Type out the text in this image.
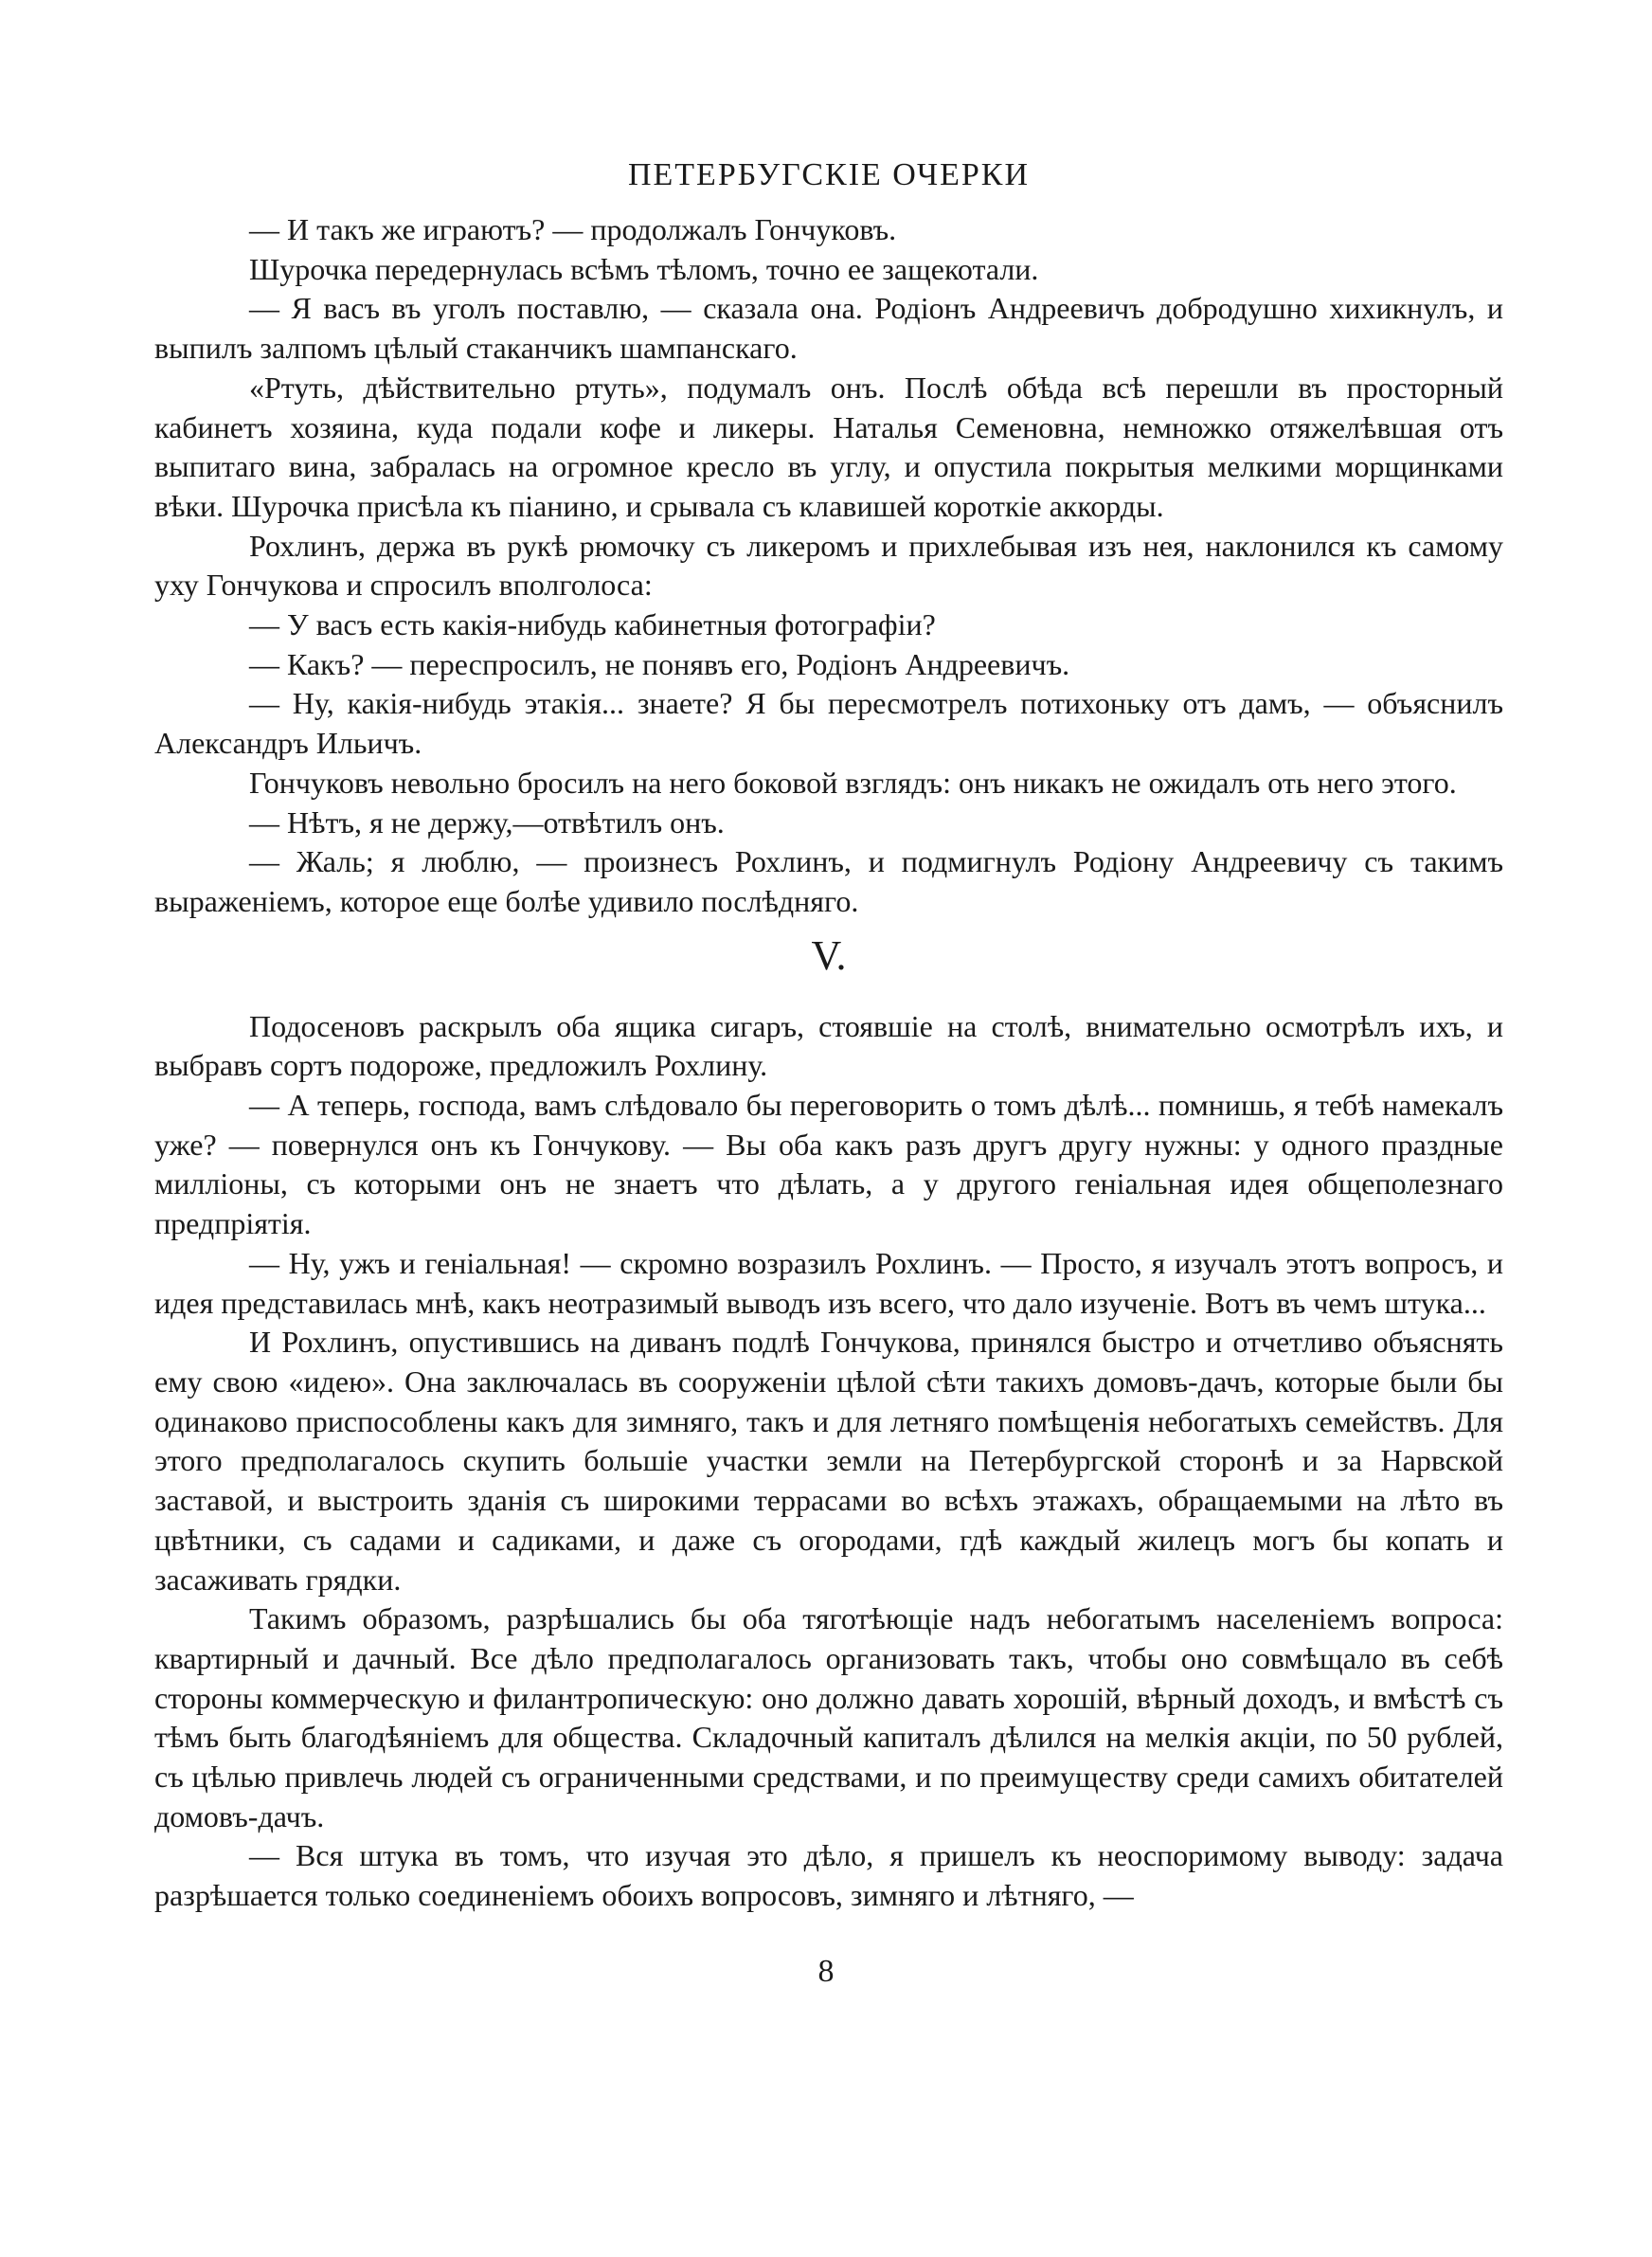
ПЕТЕРБУГСКІЕ ОЧЕРКИ

— И такъ же играютъ? — продолжалъ Гончуковъ.

Шурочка передернулась всѣмъ тѣломъ, точно ее защекотали.

— Я васъ въ уголъ поставлю, — сказала она. Родіонъ Андреевичъ добродушно хихикнулъ, и выпилъ залпомъ цѣлый стаканчикъ шампанскаго.

«Ртуть, дѣйствительно ртуть», подумалъ онъ. Послѣ обѣда всѣ перешли въ просторный кабинетъ хозяина, куда подали кофе и ликеры. Наталья Семеновна, немножко отяжелѣвшая отъ выпитаго вина, забралась на огромное кресло въ углу, и опустила покрытыя мелкими морщинками вѣки. Шурочка присѣла къ піанино, и срывала съ клавишей короткіе аккорды.

Рохлинъ, держа въ рукѣ рюмочку съ ликеромъ и прихлебывая изъ нея, наклонился къ самому уху Гончукова и спросилъ вполголоса:

— У васъ есть какія-нибудь кабинетныя фотографіи?

— Какъ? — переспросилъ, не понявъ его, Родіонъ Андреевичъ.

— Ну, какія-нибудь этакія... знаете? Я бы пересмотрелъ потихоньку отъ дамъ, — объяснилъ Александръ Ильичъ.

Гончуковъ невольно бросилъ на него боковой взглядъ: онъ никакъ не ожидалъ оть него этого.

— Нѣтъ, я не держу,—отвѣтилъ онъ.

— Жаль; я люблю, — произнесъ Рохлинъ, и подмигнулъ Родіону Андреевичу съ такимъ выраженіемъ, которое еще болѣе удивило послѣдняго.

V.

Подосеновъ раскрылъ оба ящика сигаръ, стоявшіе на столѣ, внимательно осмотрѣлъ ихъ, и выбравъ сортъ подороже, предложилъ Рохлину.

— А теперь, господа, вамъ слѣдовало бы переговорить о томъ дѣлѣ... помнишь, я тебѣ намекалъ уже? — повернулся онъ къ Гончукову. — Вы оба какъ разъ другъ другу нужны: у одного праздные милліоны, съ которыми онъ не знаетъ что дѣлать, а у другого геніальная идея общеполезнаго предпріятія.

— Ну, ужъ и геніальная! — скромно возразилъ Рохлинъ. — Просто, я изучалъ этотъ вопросъ, и идея представилась мнѣ, какъ неотразимый выводъ изъ всего, что дало изученіе. Вотъ въ чемъ штука...

И Рохлинъ, опустившись на диванъ подлѣ Гончукова, принялся быстро и отчетливо объяснять ему свою «идею». Она заключалась въ сооруженіи цѣлой сѣти такихъ домовъ-дачъ, которые были бы одинаково приспособлены какъ для зимняго, такъ и для летняго помѣщенія небогатыхъ семействъ. Для этого предполагалось скупить большіе участки земли на Петербургской сторонѣ и за Нарвской заставой, и выстроить зданія съ широкими террасами во всѣхъ этажахъ, обращаемыми на лѣто въ цвѣтники, съ садами и садиками, и даже съ огородами, гдѣ каждый жилецъ могъ бы копать и засаживать грядки.

Такимъ образомъ, разрѣшались бы оба тяготѣющіе надъ небогатымъ населеніемъ вопроса: квартирный и дачный. Все дѣло предполагалось организовать такъ, чтобы оно совмѣщало въ себѣ стороны коммерческую и филантропическую: оно должно давать хорошій, вѣрный доходъ, и вмѣстѣ съ тѣмъ быть благодѣяніемъ для общества. Складочный капиталъ дѣлился на мелкія акціи, по 50 рублей, съ цѣлью привлечь людей съ ограниченными средствами, и по преимуществу среди самихъ обитателей домовъ-дачъ.

— Вся штука въ томъ, что изучая это дѣло, я пришелъ къ неоспоримому выводу: задача разрѣшается только соединеніемъ обоихъ вопросовъ, зимняго и лѣтняго, —

8
